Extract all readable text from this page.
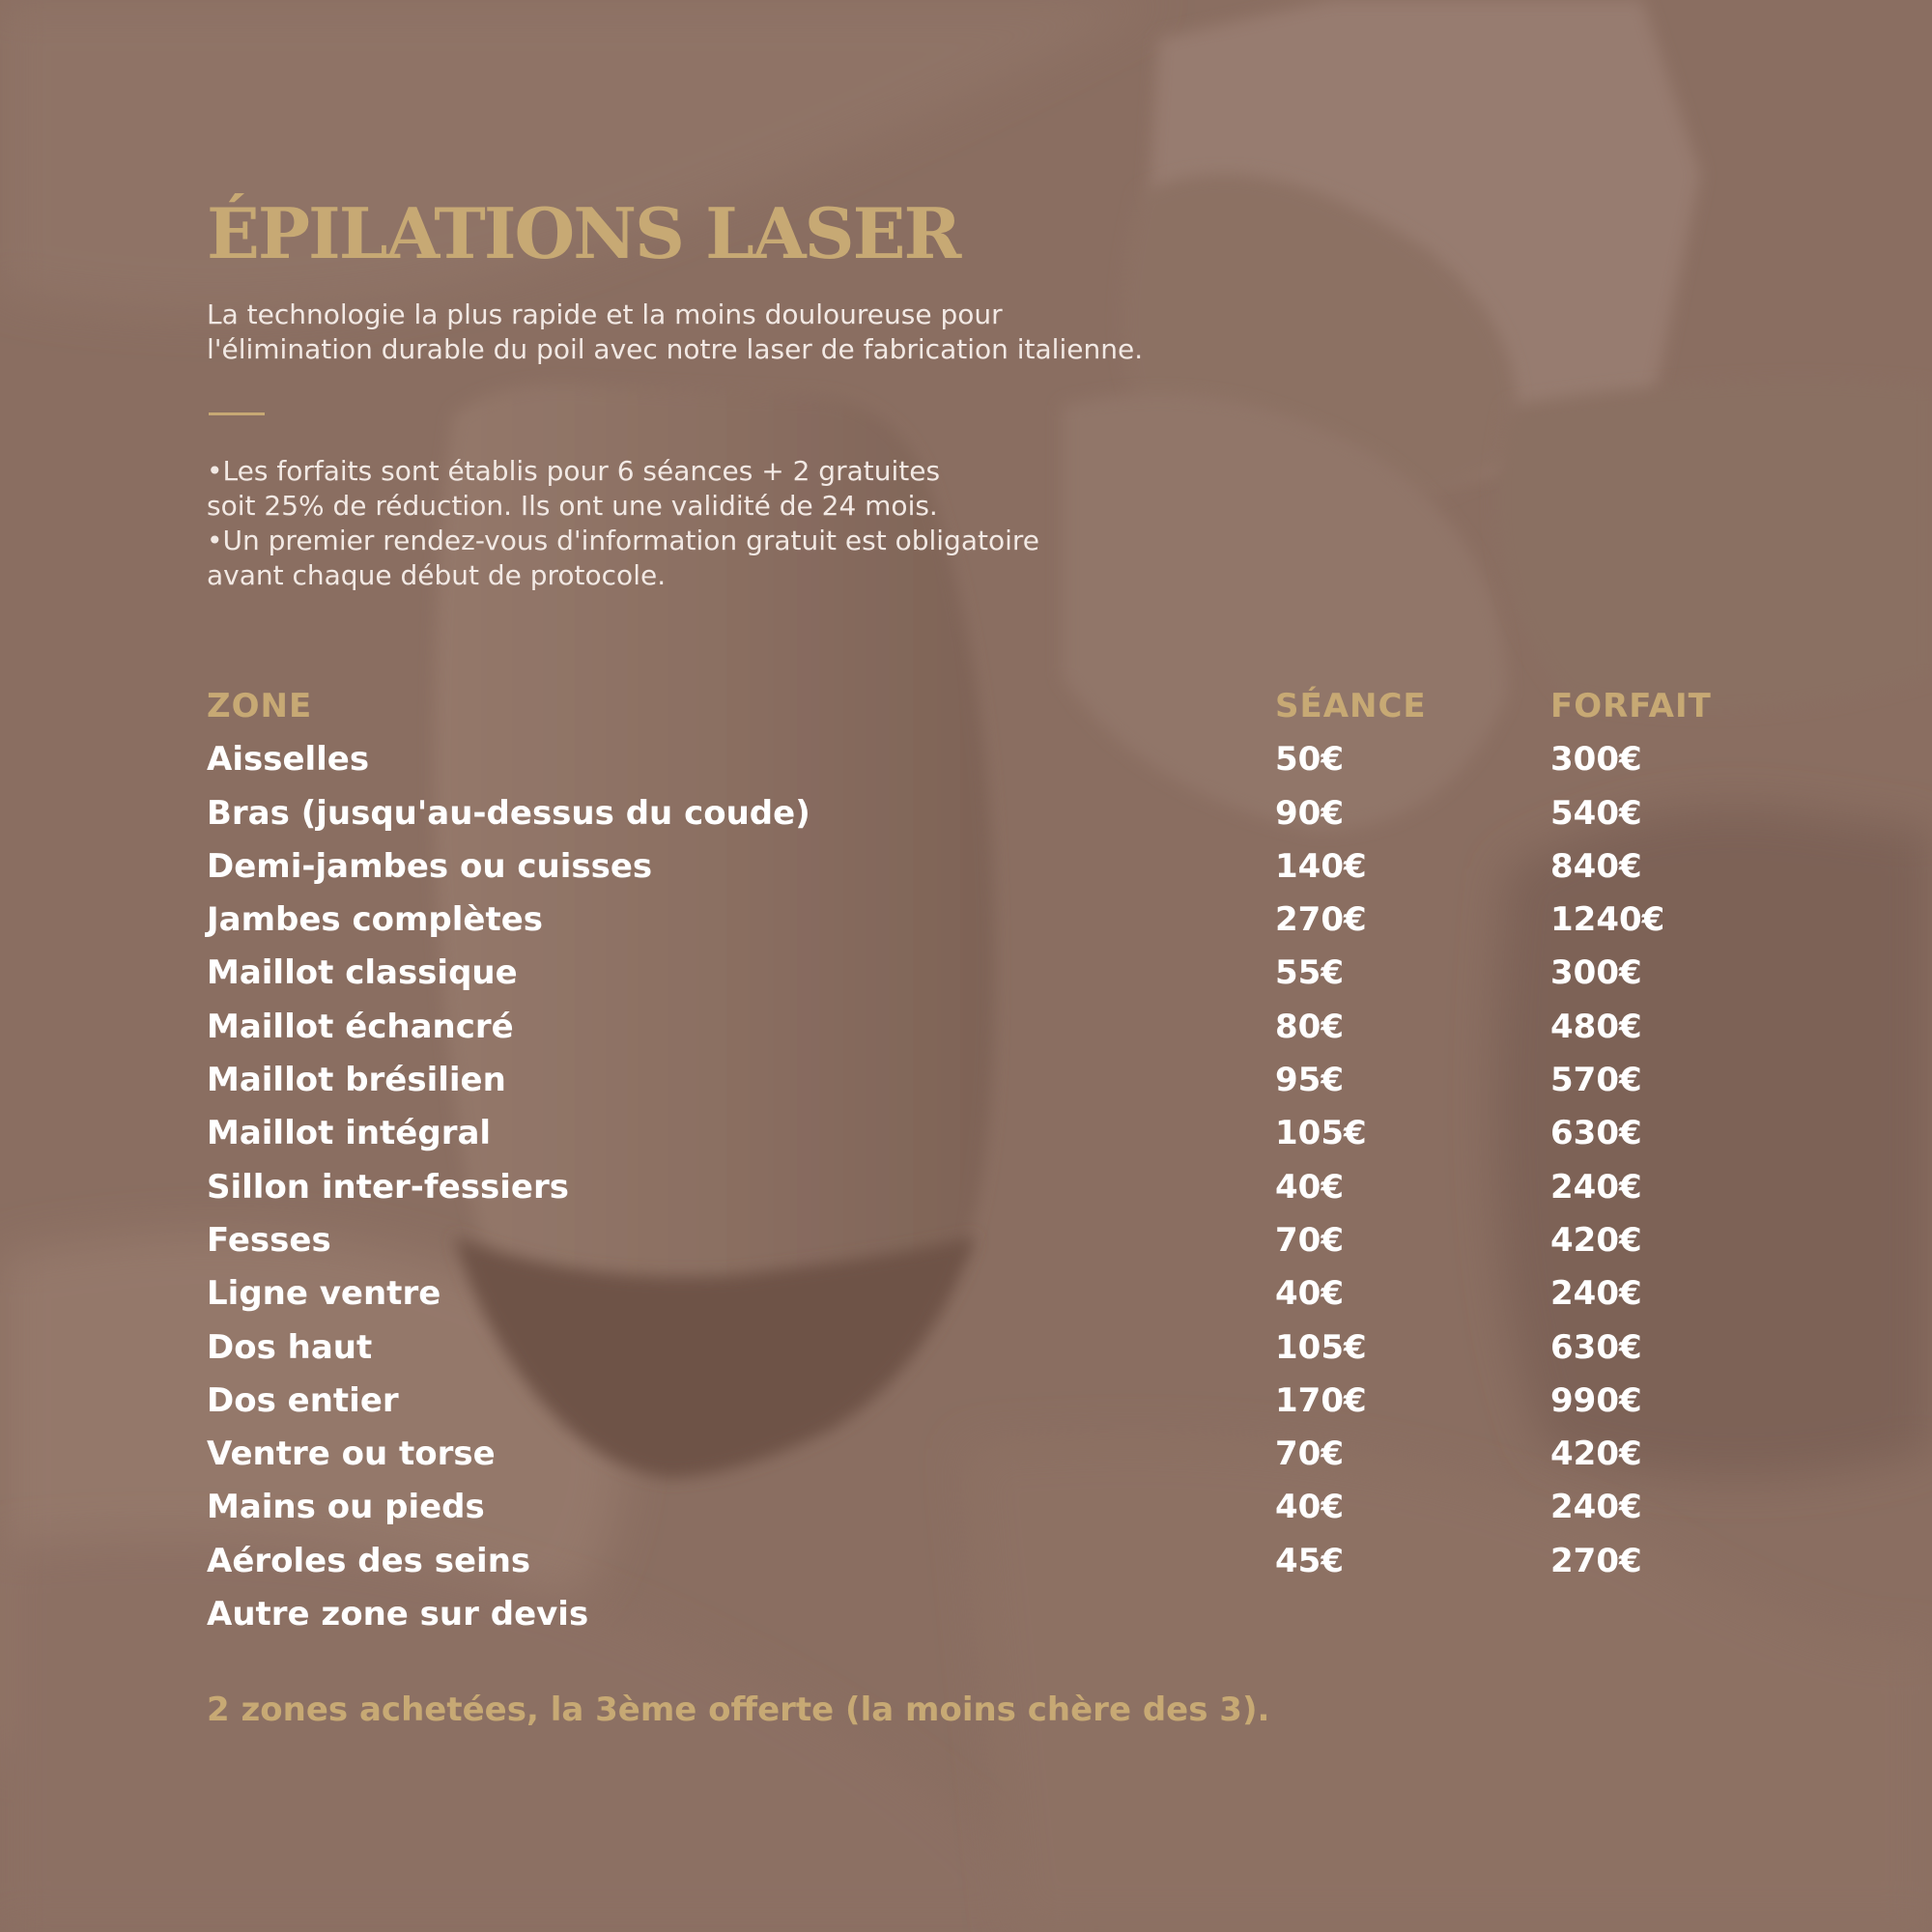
ÉPILATIONS LASER
La technologie la plus rapide et la moins douloureuse pour
l'élimination durable du poil avec notre laser de fabrication italienne.
•Les forfaits sont établis pour 6 séances + 2 gratuites
soit 25% de réduction. Ils ont une validité de 24 mois.
•Un premier rendez-vous d'information gratuit est obligatoire
avant chaque début de protocole.
ZONE	SÉANCE	FORFAIT
Aisselles	50€	300€
Bras (jusqu'au-dessus du coude)	90€	540€
Demi-jambes ou cuisses	140€	840€
Jambes complètes	270€	1240€
Maillot classique	55€	300€
Maillot échancré	80€	480€
Maillot brésilien	95€	570€
Maillot intégral	105€	630€
Sillon inter-fessiers	40€	240€
Fesses	70€	420€
Ligne ventre	40€	240€
Dos haut	105€	630€
Dos entier	170€	990€
Ventre ou torse	70€	420€
Mains ou pieds	40€	240€
Aéroles des seins	45€	270€
Autre zone sur devis
2 zones achetées, la 3ème offerte (la moins chère des 3).
